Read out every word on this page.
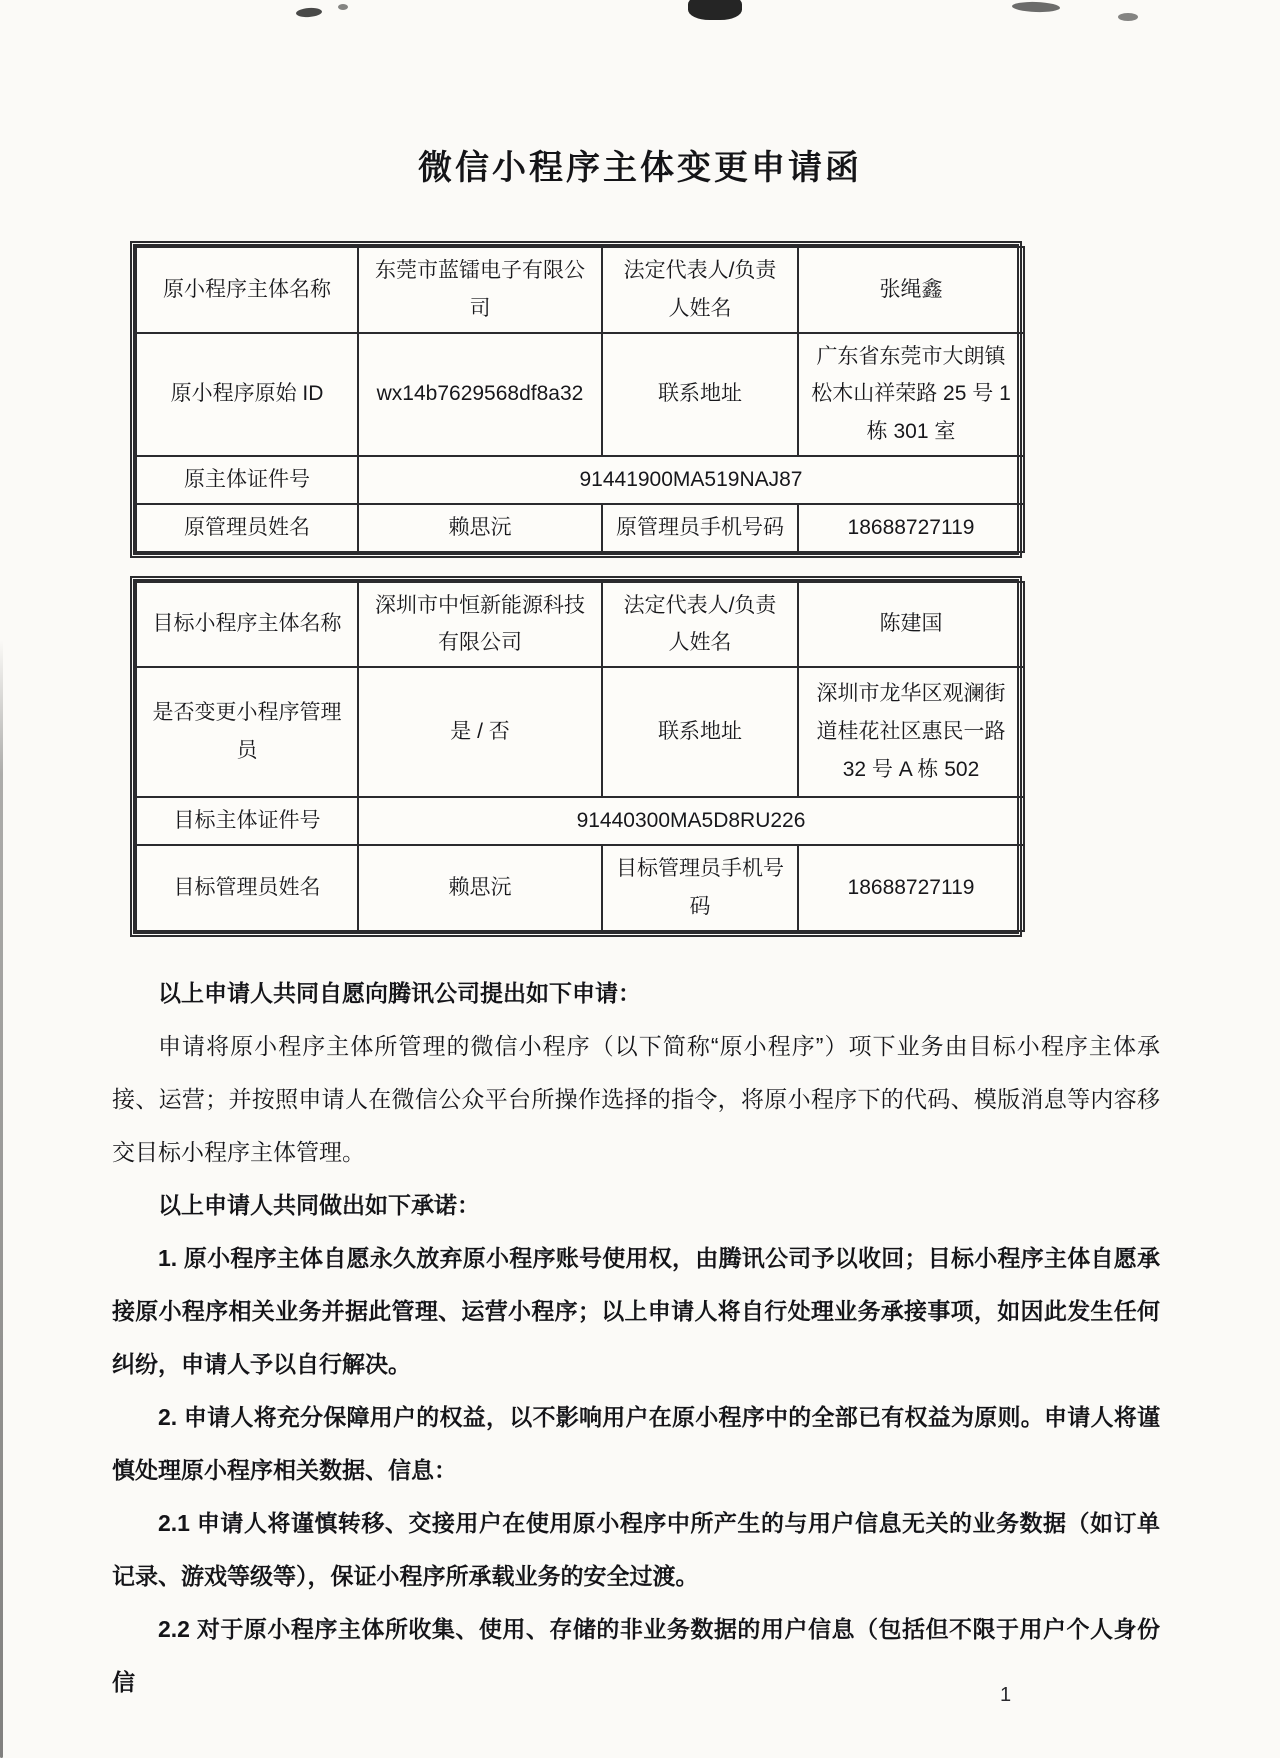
微信小程序主体变更申请函
原小程序主体名称	东莞市蓝镭电子有限公司	法定代表人/负责人姓名	张绳鑫
原小程序原始 ID	wx14b7629568df8a32	联系地址	广东省东莞市大朗镇松木山祥荣路 25 号 1 栋 301 室
原主体证件号	91441900MA519NAJ87		
原管理员姓名	赖思沅	原管理员手机号码	18688727119
目标小程序主体名称	深圳市中恒新能源科技有限公司	法定代表人/负责人姓名	陈建国
是否变更小程序管理员	是 / 否	联系地址	深圳市龙华区观澜街道桂花社区惠民一路 32 号 A 栋 502
目标主体证件号	91440300MA5D8RU226		
目标管理员姓名	赖思沅	目标管理员手机号码	18688727119

以上申请人共同自愿向腾讯公司提出如下申请：

申请将原小程序主体所管理的微信小程序（以下简称“原小程序”）项下业务由目标小程序主体承接、运营；并按照申请人在微信公众平台所操作选择的指令，将原小程序下的代码、模版消息等内容移交目标小程序主体管理。

以上申请人共同做出如下承诺：

1. 原小程序主体自愿永久放弃原小程序账号使用权，由腾讯公司予以收回；目标小程序主体自愿承接原小程序相关业务并据此管理、运营小程序；以上申请人将自行处理业务承接事项，如因此发生任何纠纷，申请人予以自行解决。

2. 申请人将充分保障用户的权益，以不影响用户在原小程序中的全部已有权益为原则。申请人将谨慎处理原小程序相关数据、信息：

2.1 申请人将谨慎转移、交接用户在使用原小程序中所产生的与用户信息无关的业务数据（如订单记录、游戏等级等），保证小程序所承载业务的安全过渡。

2.2 对于原小程序主体所收集、使用、存储的非业务数据的用户信息（包括但不限于用户个人身份信

1
